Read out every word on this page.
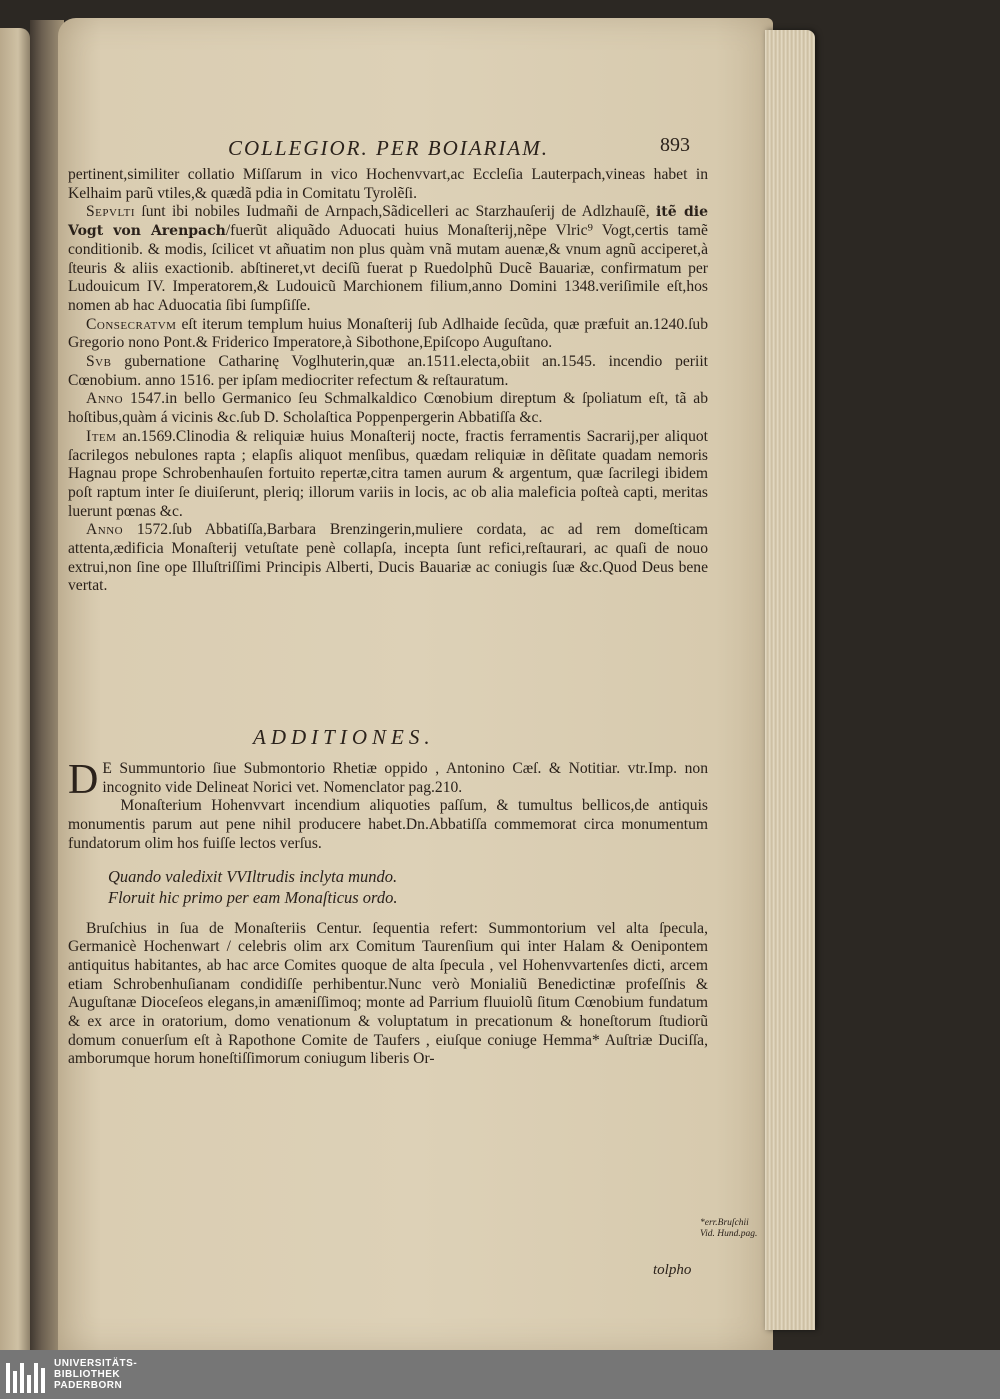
COLLEGIOR. PER BOIARIAM.	893

pertinent,similiter collatio Miſſarum in vico Hochenvvart,ac Eccleſia Lauterpach,vineas habet in Kelhaim parũ vtiles,& quædã pdia in Comitatu Tyrolẽſi.

Sepvlti ſunt ibi nobiles Iudmañi de Arnpach,Sãdicelleri ac Starzhauſerij de Adlzhauſẽ, itẽ die Vogt von Arenpach/fuerũt aliquãdo Aduocati huius Monaſterij,nẽpe Vlric⁹ Vogt,certis tamẽ conditionib. & modis, ſcilicet vt añuatim non plus quàm vnã mutam auenæ,& vnum agnũ acciperet,à ſteuris & aliis exactionib. abſtineret,vt deciſũ fuerat p Ruedolphũ Ducẽ Bauariæ, confirmatum per Ludouicum IV. Imperatorem,& Ludouicũ Marchionem filium,anno Domini 1348.veriſimile eſt,hos nomen ab hac Aduocatia ſibi ſumpſiſſe.

Consecratvm eſt iterum templum huius Monaſterij ſub Adlhaide ſecũda, quæ præfuit an.1240.ſub Gregorio nono Pont.& Friderico Imperatore,à Sibothone,Epiſcopo Auguſtano.

Svb gubernatione Catharinę Voglhuterin,quæ an.1511.electa,obiit an.1545. incendio periit Cœnobium. anno 1516. per ipſam mediocriter refectum & reſtauratum.

Anno 1547.in bello Germanico ſeu Schmalkaldico Cœnobium direptum & ſpoliatum eſt, tã ab hoſtibus,quàm á vicinis &c.ſub D. Scholaſtica Poppenpergerin Abbatiſſa &c.

Item an.1569.Clinodia & reliquiæ huius Monaſterij nocte, fractis ferramentis Sacrarij,per aliquot ſacrilegos nebulones rapta ; elapſis aliquot menſibus, quædam reliquiæ in dẽſitate quadam nemoris Hagnau prope Schrobenhauſen fortuito repertæ,citra tamen aurum & argentum, quæ ſacrilegi ibidem poſt raptum inter ſe diuiſerunt, pleriq; illorum variis in locis, ac ob alia maleficia poſteà capti, meritas luerunt pœnas &c.

Anno 1572.ſub Abbatiſſa,Barbara Brenzingerin,muliere cordata, ac ad rem domeſticam attenta,ædificia Monaſterij vetuſtate penè collapſa, incepta ſunt refici,reſtaurari, ac quaſi de nouo extrui,non ſine ope Illuſtriſſimi Principis Alberti, Ducis Bauariæ ac coniugis ſuæ &c.Quod Deus bene vertat.

ADDITIONES.

D E Summuntorio ſiue Submontorio Rhetiæ oppido , Antonino Cæſ. & Notitiar. vtr.Imp. non incognito vide Delineat Norici vet. Nomenclator pag.210.

Monaſterium Hohenvvart incendium aliquoties paſſum, & tumultus bellicos,de antiquis monumentis parum aut pene nihil producere habet.Dn.Abbatiſſa commemorat circa monumentum fundatorum olim hos fuiſſe lectos verſus.

Quando valedixit VVIltrudis inclyta mundo.
Floruit hic primo per eam Monaſticus ordo.

Bruſchius in ſua de Monaſteriis Centur. ſequentia refert: Summontorium vel alta ſpecula, Germanicè Hochenwart / celebris olim arx Comitum Taurenſium qui inter Halam & Oenipontem antiquitus habitantes, ab hac arce Comites quoque de alta ſpecula , vel Hohenvvartenſes dicti, arcem etiam Schrobenhuſianam condidiſſe perhibentur.Nunc verò Monialiũ Benedictinæ profeſſnis & Auguſtanæ Dioceſeos elegans,in amæniſſimoq; monte ad Parrium fluuiolũ ſitum Cœnobium fundatum & ex arce in oratorium, domo venationum & voluptatum in precationum & honeſtorum ſtudiorũ domum conuerſum eſt à Rapothone Comite de Taufers , eiuſque coniuge Hemma* Auſtriæ Duciſſa, amborumque horum honeſtiſſimorum coniugum liberis Or-

*err.Bruſchii Vid. Hund.pag.
tolpho
UNIVERSITÄTS-
BIBLIOTHEK
PADERBORN
